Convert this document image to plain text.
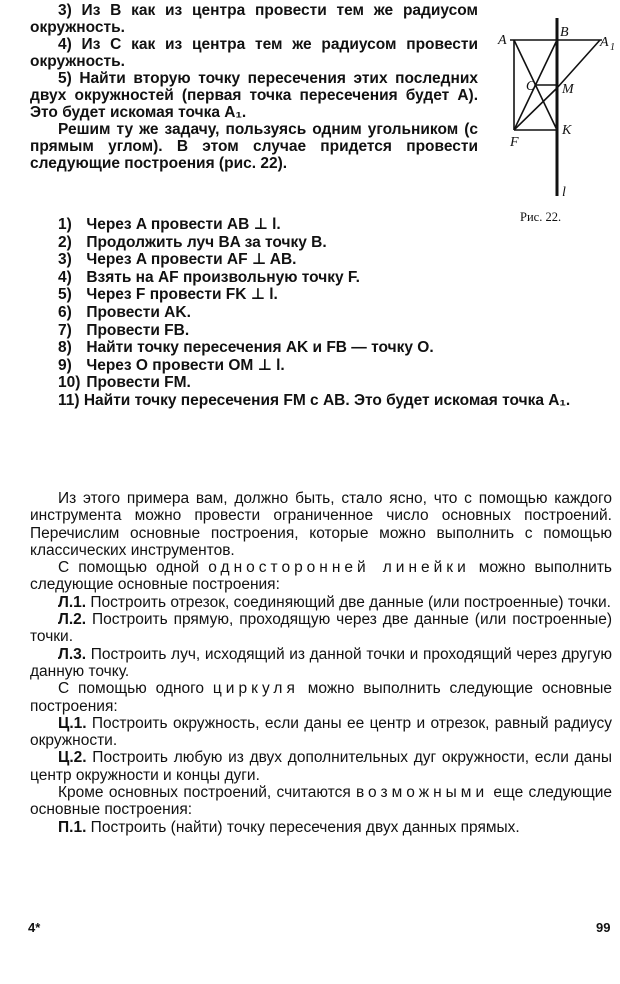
3) Из В как из центра провести тем же радиусом окружность.

4) Из С как из центра тем же радиусом провести окружность.

5) Найти вторую точку пересечения этих последних двух окружностей (первая точка пересечения будет А). Это будет искомая точка A₁.

Решим ту же задачу, пользуясь одним угольником (с прямым углом). В этом случае придется провести следующие построения (рис. 22).

A
B
A 1
O M
F
K
l
Рис. 22.
1) Через A провести AB ⊥ l.
2) Продолжить луч BA за точку B.
3) Через A провести AF ⊥ AB.
4) Взять на AF произвольную точку F.
5) Через F провести FK ⊥ l.
6) Провести AK.
7) Провести FB.
8) Найти точку пересечения AK и FB — точку O.
9) Через O провести OM ⊥ l.
10) Провести FM.
11) Найти точку пересечения FM с AB. Это будет искомая точка A₁.

Из этого примера вам, должно быть, стало ясно, что с помощью каждого инструмента можно провести ограниченное число основных построений. Перечислим основные построения, которые можно выполнить с помощью классических инструментов.

С помощью одной односторонней линейки можно выполнить следующие основные построения:

Л.1. Построить отрезок, соединяющий две данные (или построенные) точки.

Л.2. Построить прямую, проходящую через две данные (или построенные) точки.

Л.3. Построить луч, исходящий из данной точки и проходящий через другую данную точку.

С помощью одного циркуля можно выполнить следующие основные построения:

Ц.1. Построить окружность, если даны ее центр и отрезок, равный радиусу окружности.

Ц.2. Построить любую из двух дополнительных дуг окружности, если даны центр окружности и концы дуги.

Кроме основных построений, считаются возможными еще следующие основные построения:

П.1. Построить (найти) точку пересечения двух данных прямых.

4*	99
